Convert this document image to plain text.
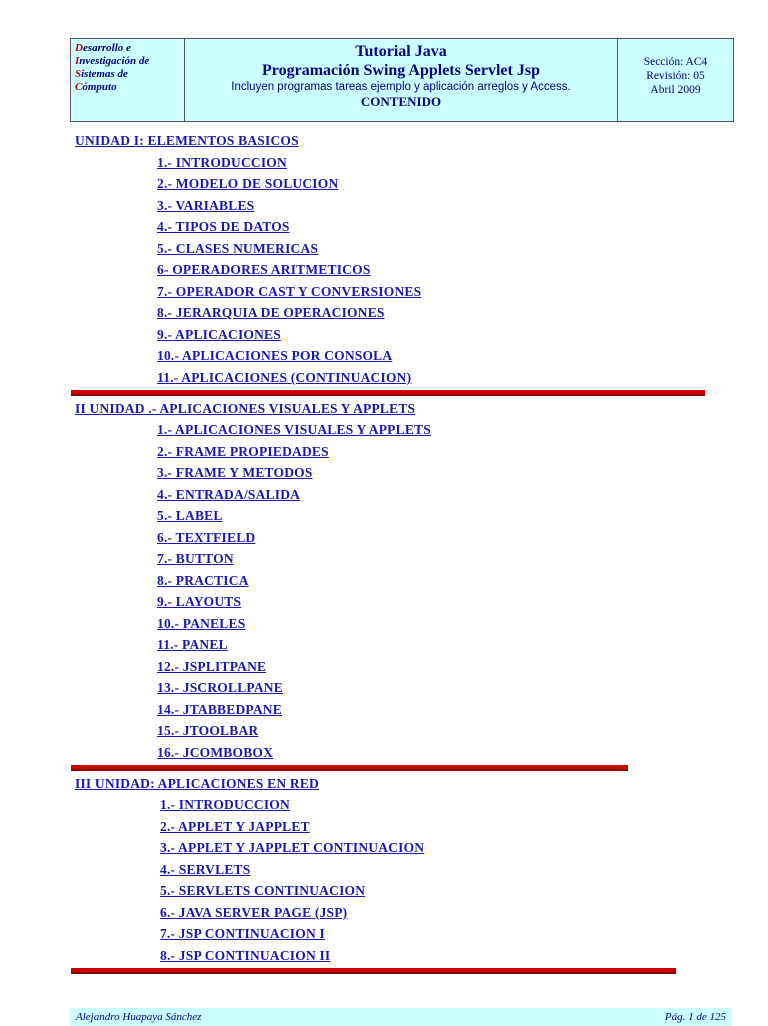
Desarrollo e
Investigación de
Sistemas de
Cómputo
Tutorial Java
Programación Swing Applets Servlet Jsp
Incluyen programas tareas ejemplo y aplicación arreglos y Access.
CONTENIDO
Sección: AC4
Revisión: 05
Abril 2009
UNIDAD I: ELEMENTOS BASICOS
1.- INTRODUCCION
2.- MODELO DE SOLUCION
3.- VARIABLES
4.- TIPOS DE DATOS
5.- CLASES NUMERICAS
6- OPERADORES ARITMETICOS
7.- OPERADOR CAST Y CONVERSIONES
8.- JERARQUIA DE OPERACIONES
9.- APLICACIONES
10.- APLICACIONES POR CONSOLA
11.- APLICACIONES (CONTINUACION)
II UNIDAD .- APLICACIONES VISUALES Y APPLETS
1.- APLICACIONES VISUALES Y APPLETS
2.- FRAME PROPIEDADES
3.- FRAME Y METODOS
4.- ENTRADA/SALIDA
5.- LABEL
6.- TEXTFIELD
7.- BUTTON
8.- PRACTICA
9.- LAYOUTS
10.- PANELES
11.- PANEL
12.- JSPLITPANE
13.- JSCROLLPANE
14.- JTABBEDPANE
15.- JTOOLBAR
16.- JCOMBOBOX
III UNIDAD: APLICACIONES EN RED
1.- INTRODUCCION
2.- APPLET Y JAPPLET
3.- APPLET Y JAPPLET CONTINUACION
4.- SERVLETS
5.- SERVLETS CONTINUACION
6.- JAVA SERVER PAGE (JSP)
7.- JSP CONTINUACION I
8.- JSP CONTINUACION II
Alejandro Huapaya Sánchez	Pág. 1 de 125
